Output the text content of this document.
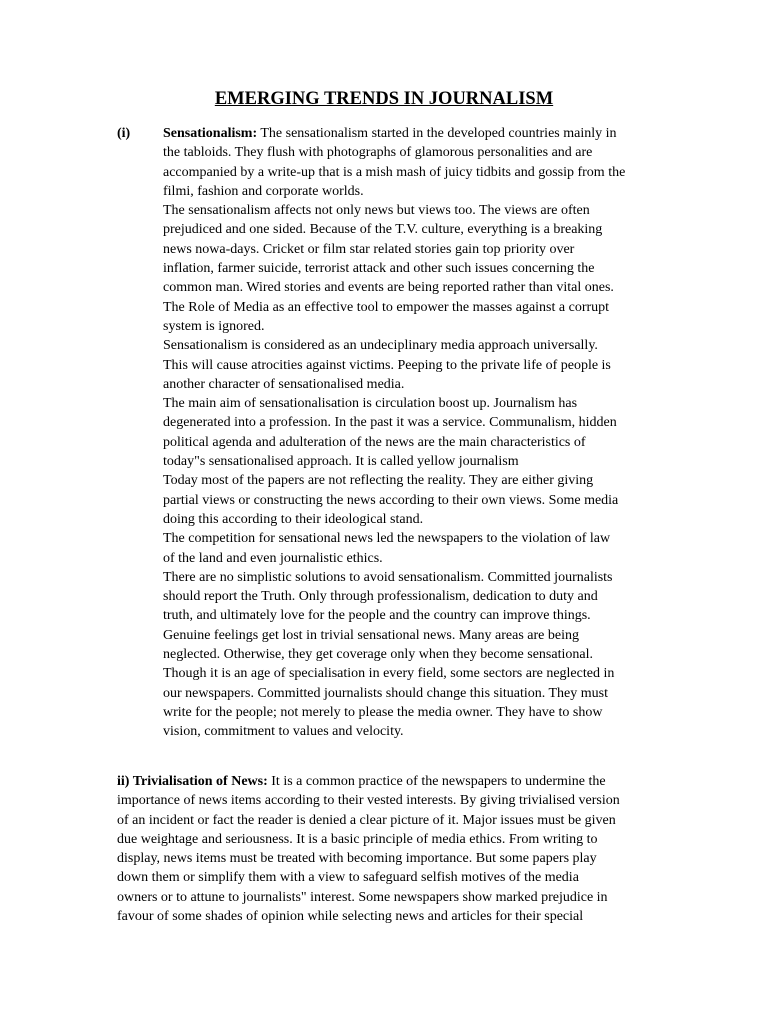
EMERGING TRENDS IN JOURNALISM
(i) Sensationalism: The sensationalism started in the developed countries mainly in
the tabloids. They flush with photographs of glamorous personalities and are
accompanied by a write-up that is a mish mash of juicy tidbits and gossip from the
filmi, fashion and corporate worlds.
The sensationalism affects not only news but views too. The views are often
prejudiced and one sided. Because of the T.V. culture, everything is a breaking
news nowa-days. Cricket or film star related stories gain top priority over
inflation, farmer suicide, terrorist attack and other such issues concerning the
common man. Wired stories and events are being reported rather than vital ones.
The Role of Media as an effective tool to empower the masses against a corrupt
system is ignored.
Sensationalism is considered as an undeciplinary media approach universally.
This will cause atrocities against victims. Peeping to the private life of people is
another character of sensationalised media.
The main aim of sensationalisation is circulation boost up. Journalism has
degenerated into a profession. In the past it was a service. Communalism, hidden
political agenda and adulteration of the news are the main characteristics of
today"s sensationalised approach. It is called yellow journalism
Today most of the papers are not reflecting the reality. They are either giving
partial views or constructing the news according to their own views. Some media
doing this according to their ideological stand.
The competition for sensational news led the newspapers to the violation of law
of the land and even journalistic ethics.
There are no simplistic solutions to avoid sensationalism. Committed journalists
should report the Truth. Only through professionalism, dedication to duty and
truth, and ultimately love for the people and the country can improve things.
Genuine feelings get lost in trivial sensational news. Many areas are being
neglected. Otherwise, they get coverage only when they become sensational.
Though it is an age of specialisation in every field, some sectors are neglected in
our newspapers. Committed journalists should change this situation. They must
write for the people; not merely to please the media owner. They have to show
vision, commitment to values and velocity.
ii) Trivialisation of News: It is a common practice of the newspapers to undermine the
importance of news items according to their vested interests. By giving trivialised version
of an incident or fact the reader is denied a clear picture of it. Major issues must be given
due weightage and seriousness. It is a basic principle of media ethics. From writing to
display, news items must be treated with becoming importance. But some papers play
down them or simplify them with a view to safeguard selfish motives of the media
owners or to attune to journalists" interest. Some newspapers show marked prejudice in
favour of some shades of opinion while selecting news and articles for their special
